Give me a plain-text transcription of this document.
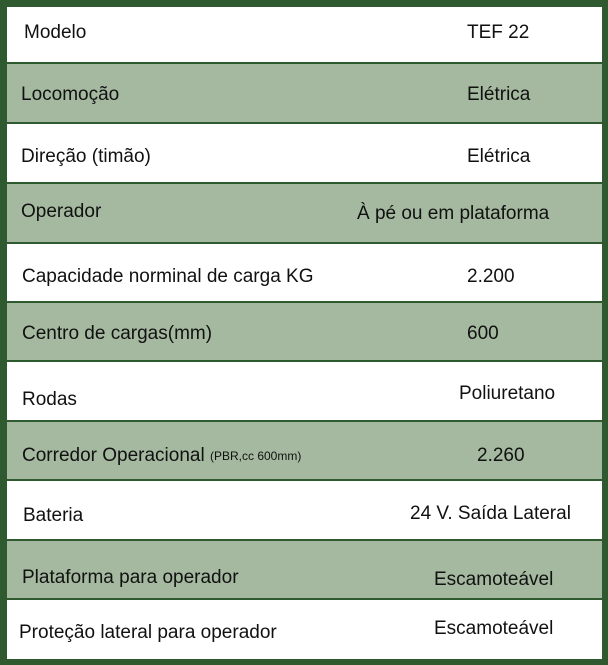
Modelo	TEF 22
Locomoção	Elétrica
Direção (timão)	Elétrica
Operador	À pé ou em plataforma
Capacidade norminal de carga KG	2.200
Centro de cargas(mm)	600
Rodas	Poliuretano
Corredor Operacional (PBR,cc 600mm)	2.260
Bateria	24 V. Saída Lateral
Plataforma para operador	Escamoteável
Proteção lateral para operador	Escamoteável
